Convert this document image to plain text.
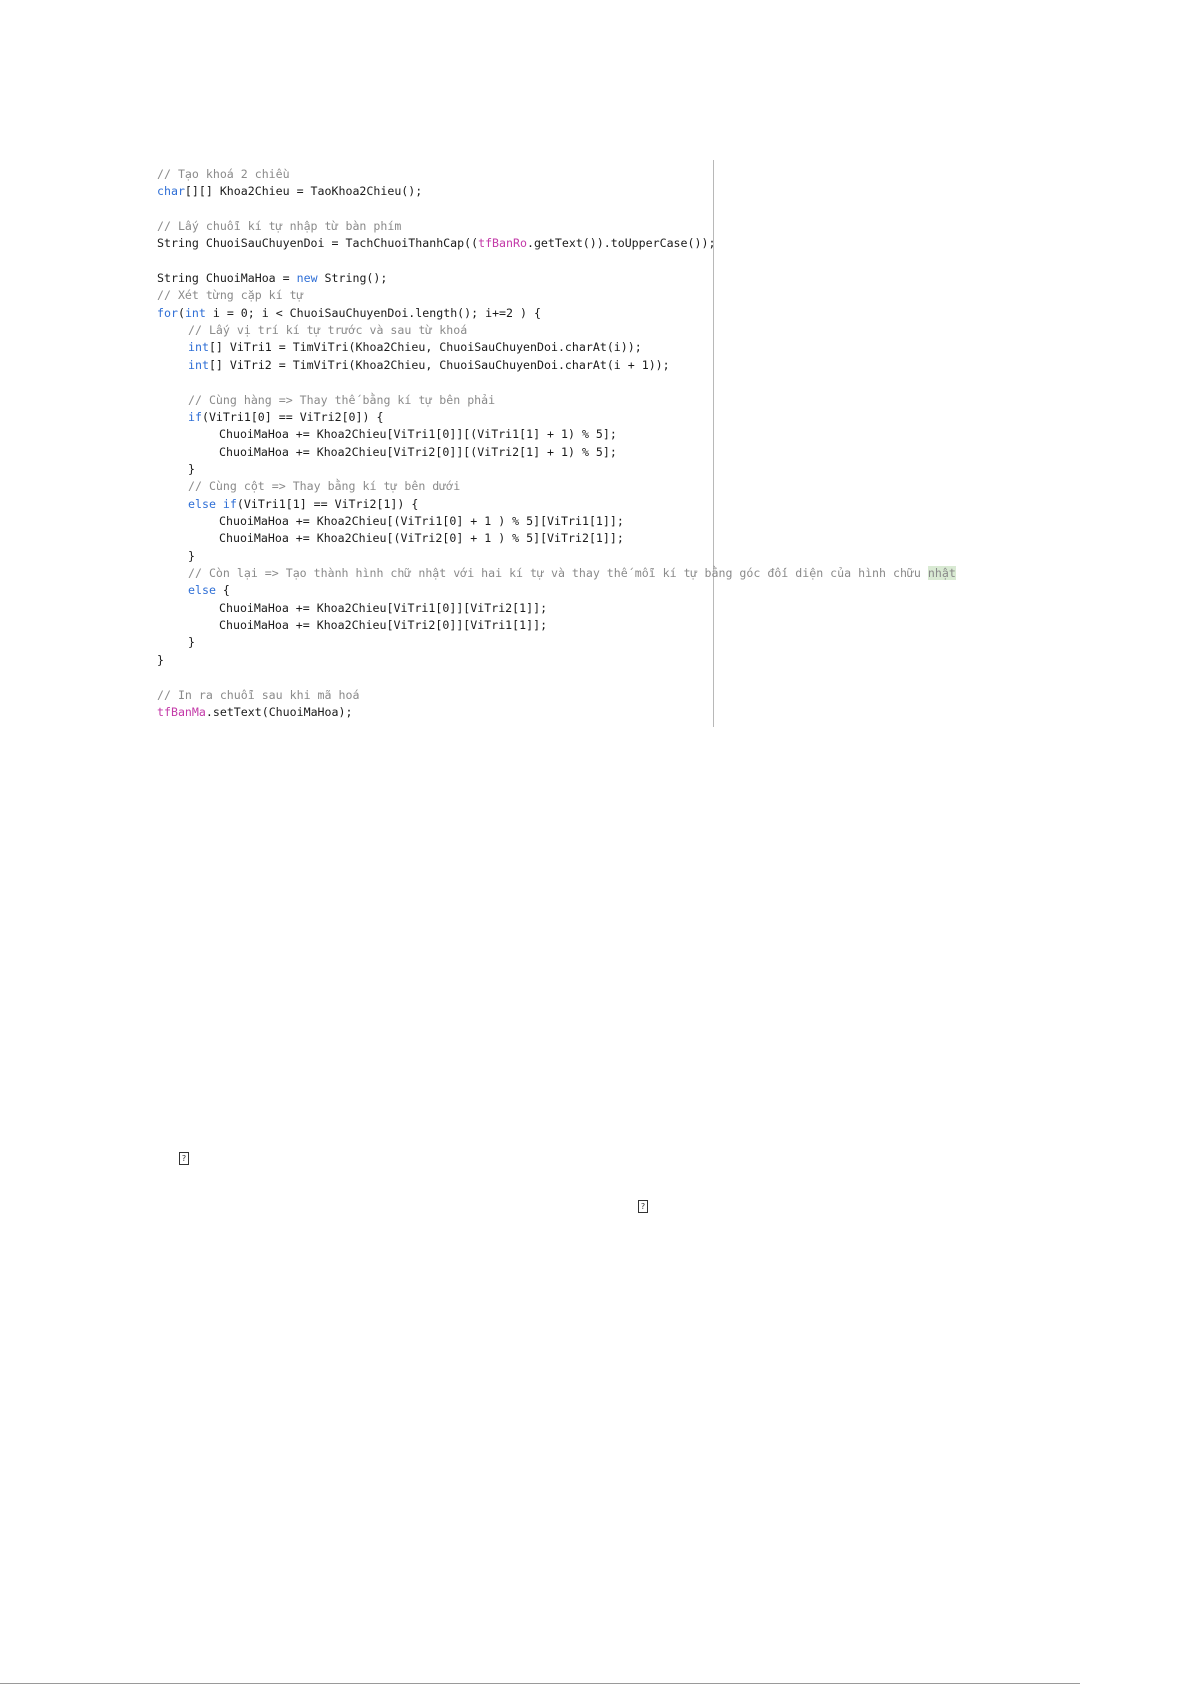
// Tạo khoá 2 chiều
char[][] Khoa2Chieu = TaoKhoa2Chieu();
// Lấy chuỗi kí tự nhập từ bàn phím
String ChuoiSauChuyenDoi = TachChuoiThanhCap((tfBanRo.getText()).toUpperCase());
String ChuoiMaHoa = new String();
// Xét từng cặp kí tự
for(int i = 0; i < ChuoiSauChuyenDoi.length(); i+=2 ) {
// Lấy vị trí kí tự trước và sau từ khoá
int[] ViTri1 = TimViTri(Khoa2Chieu, ChuoiSauChuyenDoi.charAt(i));
int[] ViTri2 = TimViTri(Khoa2Chieu, ChuoiSauChuyenDoi.charAt(i + 1));
// Cùng hàng => Thay thế bằng kí tự bên phải
if(ViTri1[0] == ViTri2[0]) {
ChuoiMaHoa += Khoa2Chieu[ViTri1[0]][(ViTri1[1] + 1) % 5];
ChuoiMaHoa += Khoa2Chieu[ViTri2[0]][(ViTri2[1] + 1) % 5];
}
// Cùng cột => Thay bằng kí tự bên dưới
else if(ViTri1[1] == ViTri2[1]) {
ChuoiMaHoa += Khoa2Chieu[(ViTri1[0] + 1 ) % 5][ViTri1[1]];
ChuoiMaHoa += Khoa2Chieu[(ViTri2[0] + 1 ) % 5][ViTri2[1]];
}
// Còn lại => Tạo thành hình chữ nhật với hai kí tự và thay thế mỗi kí tự bằng góc đối diện của hình chữu nhật
else {
ChuoiMaHoa += Khoa2Chieu[ViTri1[0]][ViTri2[1]];
ChuoiMaHoa += Khoa2Chieu[ViTri2[0]][ViTri1[1]];
}
}
// In ra chuỗi sau khi mã hoá
tfBanMa.setText(ChuoiMaHoa);
?
?
